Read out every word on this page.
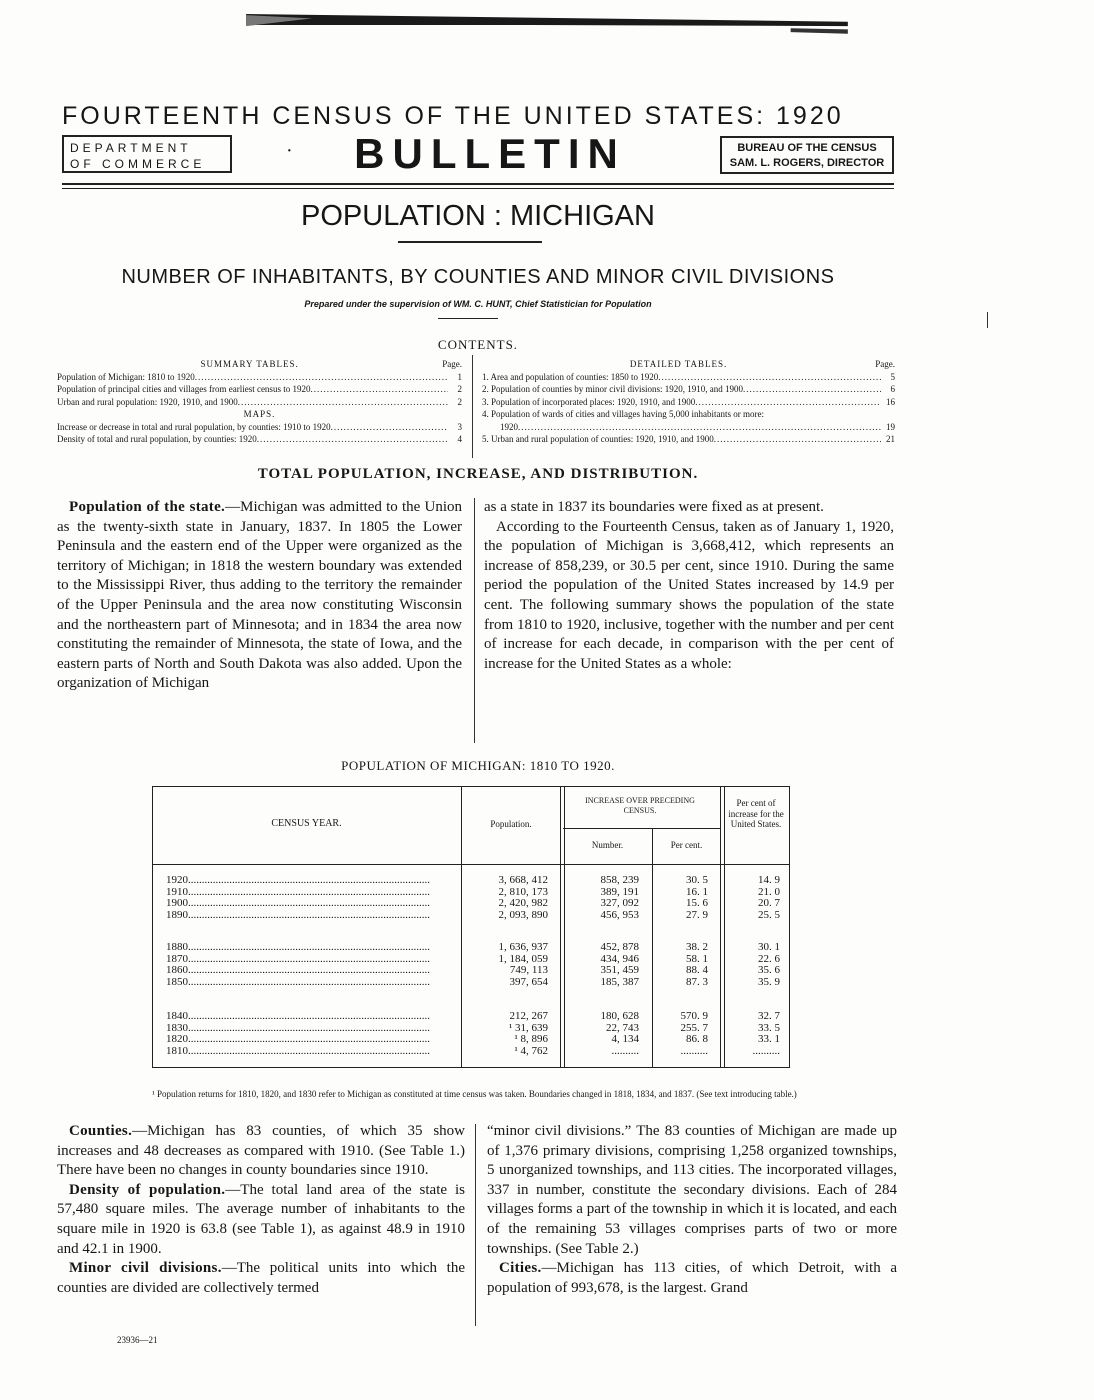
FOURTEENTH CENSUS OF THE UNITED STATES: 1920
DEPARTMENT
OF COMMERCE
·	BULLETIN	BUREAU OF THE CENSUS
SAM. L. ROGERS, DIRECTOR
POPULATION : MICHIGAN
NUMBER OF INHABITANTS, BY COUNTIES AND MINOR CIVIL DIVISIONS
Prepared under the supervision of WM. C. HUNT, Chief Statistician for Population
CONTENTS.
SUMMARY TABLES.	Page.
Population of Michigan: 1810 to 1920 .....	1
Population of principal cities and villages from earliest census to 1920 .....	2
Urban and rural population: 1920, 1910, and 1900 .....	2
MAPS.
Increase or decrease in total and rural population, by counties: 1910 to 1920 .....	3
Density of total and rural population, by counties: 1920 .....	4
DETAILED TABLES.	Page.
1. Area and population of counties: 1850 to 1920 .....	5
2. Population of counties by minor civil divisions: 1920, 1910, and 1900 .....	6
3. Population of incorporated places: 1920, 1910, and 1900 .....	16
4. Population of wards of cities and villages having 5,000 inhabitants or more:
1920 .....	19
5. Urban and rural population of counties: 1920, 1910, and 1900 .....	21
TOTAL POPULATION, INCREASE, AND DISTRIBUTION.

Population of the state.—Michigan was admitted to the Union as the twenty-sixth state in January, 1837. In 1805 the Lower Peninsula and the eastern end of the Upper were organized as the territory of Michigan; in 1818 the western boundary was extended to the Mississippi River, thus adding to the territory the remainder of the Upper Peninsula and the area now constituting Wisconsin and the northeastern part of Minnesota; and in 1834 the area now constituting the remainder of Minnesota, the state of Iowa, and the eastern parts of North and South Dakota was also added. Upon the organization of Michigan

as a state in 1837 its boundaries were fixed as at present.

According to the Fourteenth Census, taken as of January 1, 1920, the population of Michigan is 3,668,412, which represents an increase of 858,239, or 30.5 per cent, since 1910. During the same period the population of the United States increased by 14.9 per cent. The following summary shows the population of the state from 1810 to 1920, inclusive, together with the number and per cent of increase for each decade, in comparison with the per cent of increase for the United States as a whole:

POPULATION OF MICHIGAN: 1810 TO 1920.
CENSUS YEAR.	Population.
INCREASE OVER PRECEDING CENSUS.
Number.	Per cent.
Per cent of increase for the United States.
1920 .....	3, 668, 412	858, 239	30. 5	14. 9
1910 .....	2, 810, 173	389, 191	16. 1	21. 0
1900 .....	2, 420, 982	327, 092	15. 6	20. 7
1890 .....	2, 093, 890	456, 953	27. 9	25. 5
1880 .....	1, 636, 937	452, 878	38. 2	30. 1
1870 .....	1, 184, 059	434, 946	58. 1	22. 6
1860 .....	749, 113	351, 459	88. 4	35. 6
1850 .....	397, 654	185, 387	87. 3	35. 9
1840 .....	212, 267	180, 628	570. 9	32. 7
1830 .....	¹ 31, 639	22, 743	255. 7	33. 5
1820 .....	¹ 8, 896	4, 134	86. 8	33. 1
1810 .....	¹ 4, 762	..........	..........	..........
¹ Population returns for 1810, 1820, and 1830 refer to Michigan as constituted at time census was taken. Boundaries changed in 1818, 1834, and 1837. (See text introducing table.)

Counties.—Michigan has 83 counties, of which 35 show increases and 48 decreases as compared with 1910. (See Table 1.) There have been no changes in county boundaries since 1910.

Density of population.—The total land area of the state is 57,480 square miles. The average number of inhabitants to the square mile in 1920 is 63.8 (see Table 1), as against 48.9 in 1910 and 42.1 in 1900.

Minor civil divisions.—The political units into which the counties are divided are collectively termed

“minor civil divisions.” The 83 counties of Michigan are made up of 1,376 primary divisions, comprising 1,258 organized townships, 5 unorganized townships, and 113 cities. The incorporated villages, 337 in number, constitute the secondary divisions. Each of 284 villages forms a part of the township in which it is located, and each of the remaining 53 villages comprises parts of two or more townships. (See Table 2.)

Cities.—Michigan has 113 cities, of which Detroit, with a population of 993,678, is the largest. Grand

23936—21
